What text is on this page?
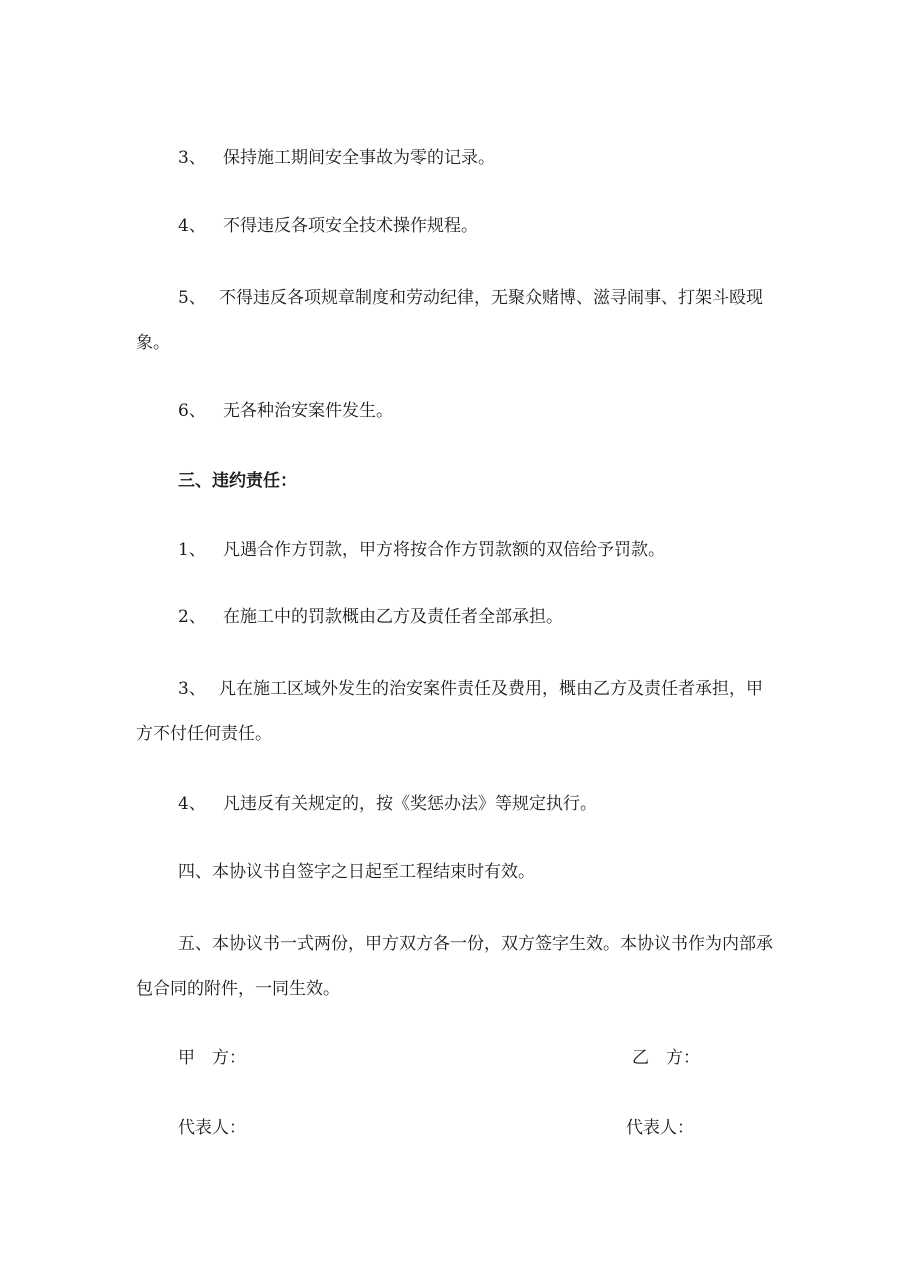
3、 保持施工期间安全事故为零的记录。
4、 不得违反各项安全技术操作规程。
5、 不得违反各项规章制度和劳动纪律，无聚众赌博、滋寻闹事、打架斗殴现
象。
6、 无各种治安案件发生。
三、违约责任：
1、 凡遇合作方罚款，甲方将按合作方罚款额的双倍给予罚款。
2、 在施工中的罚款概由乙方及责任者全部承担。
3、 凡在施工区域外发生的治安案件责任及费用，概由乙方及责任者承担，甲
方不付任何责任。
4、 凡违反有关规定的，按《奖惩办法》等规定执行。
四、本协议书自签字之日起至工程结束时有效。
五、本协议书一式两份，甲方双方各一份，双方签字生效。本协议书作为内部承
包合同的附件，一同生效。
甲　方：	乙　方：
代表人：	代表人：
